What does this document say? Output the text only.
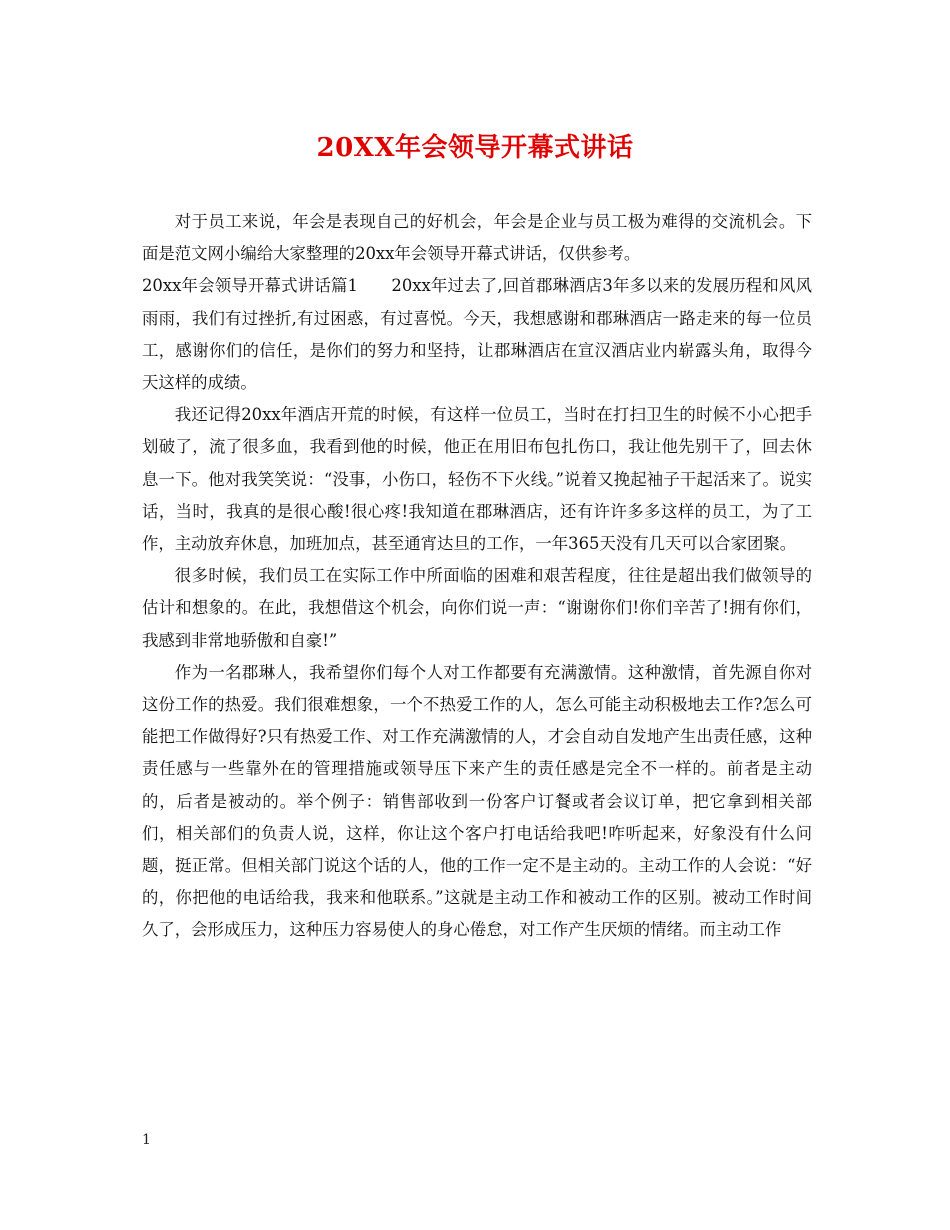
20XX年会领导开幕式讲话

对于员工来说，年会是表现自己的好机会，年会是企业与员工极为难得的交流机会。下面是范文网小编给大家整理的20xx年会领导开幕式讲话，仅供参考。

20xx年会领导开幕式讲话篇1　　20xx年过去了,回首郡琳酒店3年多以来的发展历程和风风雨雨，我们有过挫折,有过困惑，有过喜悦。今天，我想感谢和郡琳酒店一路走来的每一位员工，感谢你们的信任，是你们的努力和坚持，让郡琳酒店在宣汉酒店业内崭露头角，取得今天这样的成绩。

我还记得20xx年酒店开荒的时候，有这样一位员工，当时在打扫卫生的时候不小心把手划破了，流了很多血，我看到他的时候，他正在用旧布包扎伤口，我让他先别干了，回去休息一下。他对我笑笑说：“没事，小伤口，轻伤不下火线。”说着又挽起袖子干起活来了。说实话，当时，我真的是很心酸!很心疼!我知道在郡琳酒店，还有许许多多这样的员工，为了工作，主动放弃休息，加班加点，甚至通宵达旦的工作，一年365天没有几天可以合家团聚。

很多时候，我们员工在实际工作中所面临的困难和艰苦程度，往往是超出我们做领导的估计和想象的。在此，我想借这个机会，向你们说一声：“谢谢你们!你们辛苦了!拥有你们，我感到非常地骄傲和自豪!”

作为一名郡琳人，我希望你们每个人对工作都要有充满激情。这种激情，首先源自你对这份工作的热爱。我们很难想象，一个不热爱工作的人，怎么可能主动积极地去工作?怎么可能把工作做得好?只有热爱工作、对工作充满激情的人，才会自动自发地产生出责任感，这种责任感与一些靠外在的管理措施或领导压下来产生的责任感是完全不一样的。前者是主动的，后者是被动的。举个例子：销售部收到一份客户订餐或者会议订单，把它拿到相关部们，相关部们的负责人说，这样，你让这个客户打电话给我吧!咋听起来，好象没有什么问题，挺正常。但相关部门说这个话的人，他的工作一定不是主动的。主动工作的人会说：“好的，你把他的电话给我，我来和他联系。”这就是主动工作和被动工作的区别。被动工作时间久了，会形成压力，这种压力容易使人的身心倦怠，对工作产生厌烦的情绪。而主动工作

1
